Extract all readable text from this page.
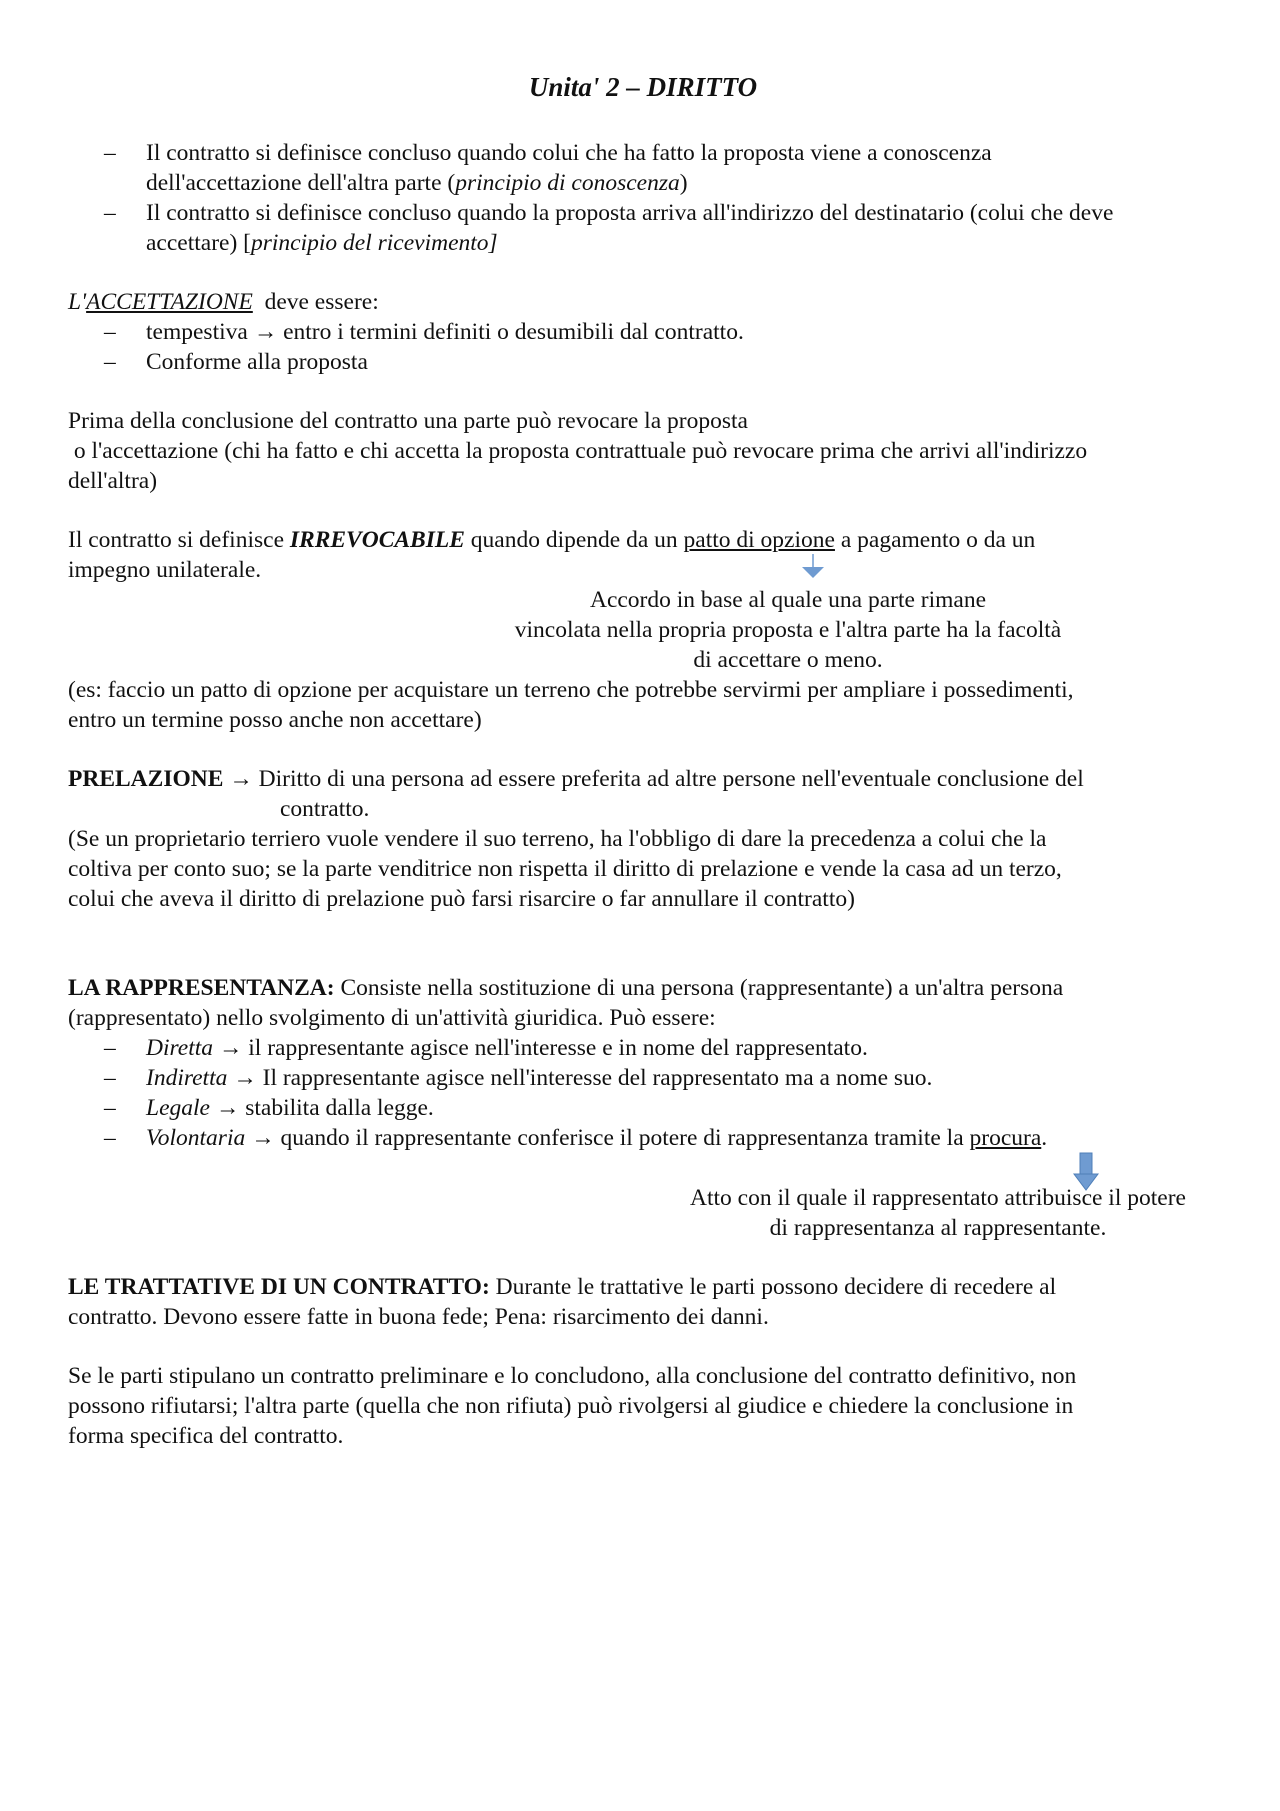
Unita' 2 – DIRITTO
– Il contratto si definisce concluso quando colui che ha fatto la proposta viene a conoscenza
dell'accettazione dell'altra parte (principio di conoscenza)
– Il contratto si definisce concluso quando la proposta arriva all'indirizzo del destinatario (colui che deve
accettare) [principio del ricevimento]
L'ACCETTAZIONE  deve essere:
– tempestiva → entro i termini definiti o desumibili dal contratto.
– Conforme alla proposta
Prima della conclusione del contratto una parte può revocare la proposta
o l'accettazione (chi ha fatto e chi accetta la proposta contrattuale può revocare prima che arrivi all'indirizzo
dell'altra)
Il contratto si definisce IRREVOCABILE quando dipende da un patto di opzione a pagamento o da un
impegno unilaterale.
Accordo in base al quale una parte rimane
vincolata nella propria proposta e l'altra parte ha la facoltà
di accettare o meno.
(es: faccio un patto di opzione per acquistare un terreno che potrebbe servirmi per ampliare i possedimenti,
entro un termine posso anche non accettare)
PRELAZIONE → Diritto di una persona ad essere preferita ad altre persone nell'eventuale conclusione del
contratto.
(Se un proprietario terriero vuole vendere il suo terreno, ha l'obbligo di dare la precedenza a colui che la
coltiva per conto suo; se la parte venditrice non rispetta il diritto di prelazione e vende la casa ad un terzo,
colui che aveva il diritto di prelazione può farsi risarcire o far annullare il contratto)
LA RAPPRESENTANZA: Consiste nella sostituzione di una persona (rappresentante) a un'altra persona
(rappresentato) nello svolgimento di un'attività giuridica. Può essere:
– Diretta → il rappresentante agisce nell'interesse e in nome del rappresentato.
– Indiretta → Il rappresentante agisce nell'interesse del rappresentato ma a nome suo.
– Legale → stabilita dalla legge.
– Volontaria → quando il rappresentante conferisce il potere di rappresentanza tramite la procura.
Atto con il quale il rappresentato attribuisce il potere
di rappresentanza al rappresentante.
LE TRATTATIVE DI UN CONTRATTO: Durante le trattative le parti possono decidere di recedere al
contratto. Devono essere fatte in buona fede; Pena: risarcimento dei danni.
Se le parti stipulano un contratto preliminare e lo concludono, alla conclusione del contratto definitivo, non
possono rifiutarsi; l'altra parte (quella che non rifiuta) può rivolgersi al giudice e chiedere la conclusione in
forma specifica del contratto.
